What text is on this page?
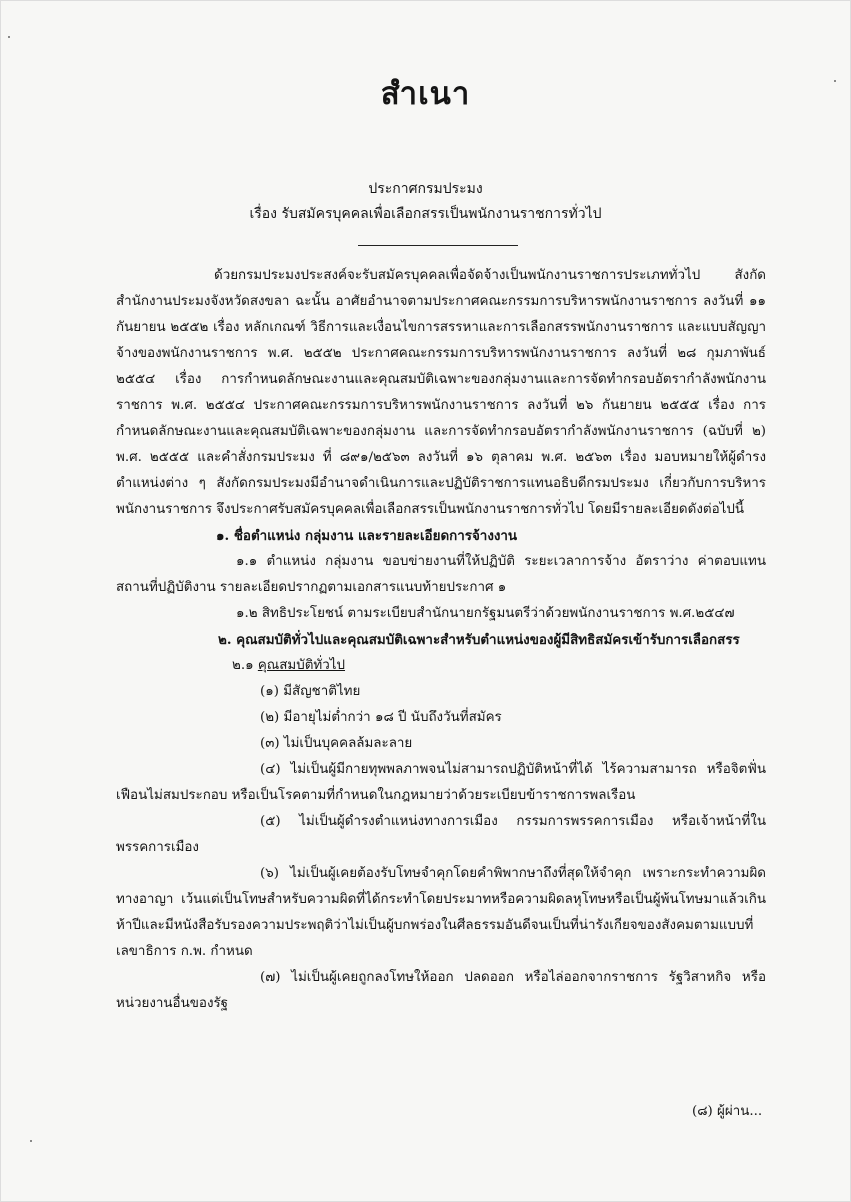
สำเนา
ประกาศกรมประมง
เรื่อง รับสมัครบุคคลเพื่อเลือกสรรเป็นพนักงานราชการทั่วไป

ด้วยกรมประมงประสงค์จะรับสมัครบุคคลเพื่อจัดจ้างเป็นพนักงานราชการประเภททั่วไป สังกัด สำนักงานประมงจังหวัดสงขลา ฉะนั้น อาศัยอำนาจตามประกาศคณะกรรมการบริหารพนักงานราชการ ลงวันที่ ๑๑ กันยายน ๒๕๕๒ เรื่อง หลักเกณฑ์ วิธีการและเงื่อนไขการสรรหาและการเลือกสรรพนักงานราชการ และแบบสัญญาจ้างของพนักงานราชการ พ.ศ. ๒๕๕๒ ประกาศคณะกรรมการบริหารพนักงานราชการ ลงวันที่ ๒๘ กุมภาพันธ์ ๒๕๕๔ เรื่อง การกำหนดลักษณะงานและคุณสมบัติเฉพาะของกลุ่มงานและการจัดทำกรอบอัตรากำลังพนักงานราชการ พ.ศ. ๒๕๕๔ ประกาศคณะกรรมการบริหารพนักงานราชการ ลงวันที่ ๒๖ กันยายน ๒๕๕๕ เรื่อง การกำหนดลักษณะงานและคุณสมบัติเฉพาะของกลุ่มงาน และการจัดทำกรอบอัตรากำลังพนักงานราชการ (ฉบับที่ ๒) พ.ศ. ๒๕๕๕ และคำสั่งกรมประมง ที่ ๘๙๑/๒๕๖๓ ลงวันที่ ๑๖ ตุลาคม พ.ศ. ๒๕๖๓ เรื่อง มอบหมายให้ผู้ดำรงตำแหน่งต่าง ๆ สังกัดกรมประมงมีอำนาจดำเนินการและปฏิบัติราชการแทนอธิบดีกรมประมง เกี่ยวกับการบริหารพนักงานราชการ จึงประกาศรับสมัครบุคคลเพื่อเลือกสรรเป็นพนักงานราชการทั่วไป โดยมีรายละเอียดดังต่อไปนี้

๑. ชื่อตำแหน่ง กลุ่มงาน และรายละเอียดการจ้างงาน

๑.๑ ตำแหน่ง กลุ่มงาน ขอบข่ายงานที่ให้ปฏิบัติ ระยะเวลาการจ้าง อัตราว่าง ค่าตอบแทน สถานที่ปฏิบัติงาน รายละเอียดปรากฏตามเอกสารแนบท้ายประกาศ ๑

๑.๒ สิทธิประโยชน์ ตามระเบียบสำนักนายกรัฐมนตรีว่าด้วยพนักงานราชการ พ.ศ.๒๕๔๗
๒. คุณสมบัติทั่วไปและคุณสมบัติเฉพาะสำหรับตำแหน่งของผู้มีสิทธิสมัครเข้ารับการเลือกสรร
๒.๑ คุณสมบัติทั่วไป
(๑) มีสัญชาติไทย
(๒) มีอายุไม่ต่ำกว่า ๑๘ ปี นับถึงวันที่สมัคร
(๓) ไม่เป็นบุคคลล้มละลาย

(๔) ไม่เป็นผู้มีกายทุพพลภาพจนไม่สามารถปฏิบัติหน้าที่ได้ ไร้ความสามารถ หรือจิตฟั่นเฟือนไม่สมประกอบ หรือเป็นโรคตามที่กำหนดในกฎหมายว่าด้วยระเบียบข้าราชการพลเรือน

(๕) ไม่เป็นผู้ดำรงตำแหน่งทางการเมือง กรรมการพรรคการเมือง หรือเจ้าหน้าที่ในพรรคการเมือง

(๖) ไม่เป็นผู้เคยต้องรับโทษจำคุกโดยคำพิพากษาถึงที่สุดให้จำคุก เพราะกระทำความผิดทางอาญา เว้นแต่เป็นโทษสำหรับความผิดที่ได้กระทำโดยประมาทหรือความผิดลหุโทษหรือเป็นผู้พ้นโทษมาแล้วเกินห้าปีและมีหนังสือรับรองความประพฤติว่าไม่เป็นผู้บกพร่องในศีลธรรมอันดีจนเป็นที่น่ารังเกียจของสังคมตามแบบที่เลขาธิการ ก.พ. กำหนด

(๗) ไม่เป็นผู้เคยถูกลงโทษให้ออก ปลดออก หรือไล่ออกจากราชการ รัฐวิสาหกิจ หรือหน่วยงานอื่นของรัฐ

(๘) ผู้ผ่าน...
